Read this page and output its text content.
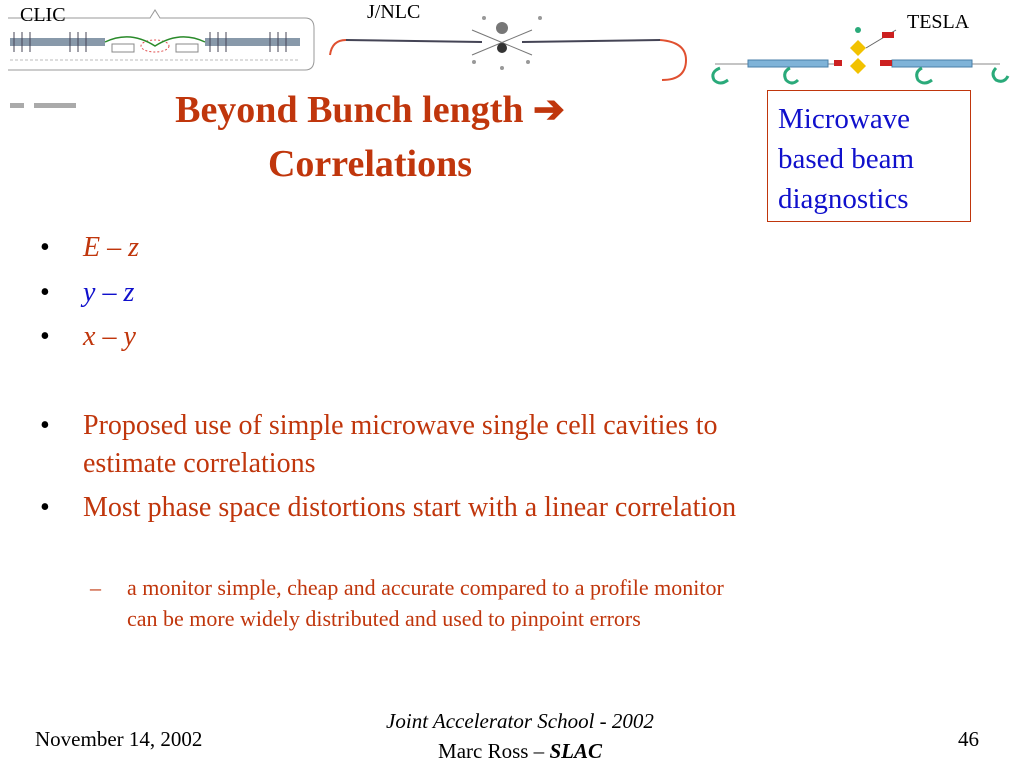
CLIC	J/NLC	TESLA
Beyond Bunch length ➔
Correlations
Microwave
based beam
diagnostics
• E – z
• y – z
• x – y
• Proposed use of simple microwave single cell cavities to estimate correlations
• Most phase space distortions start with a linear correlation
– a monitor simple, cheap and accurate compared to a profile monitor can be more widely distributed and used to pinpoint errors
November 14, 2002
Joint Accelerator School - 2002
Marc Ross – SLAC	46
